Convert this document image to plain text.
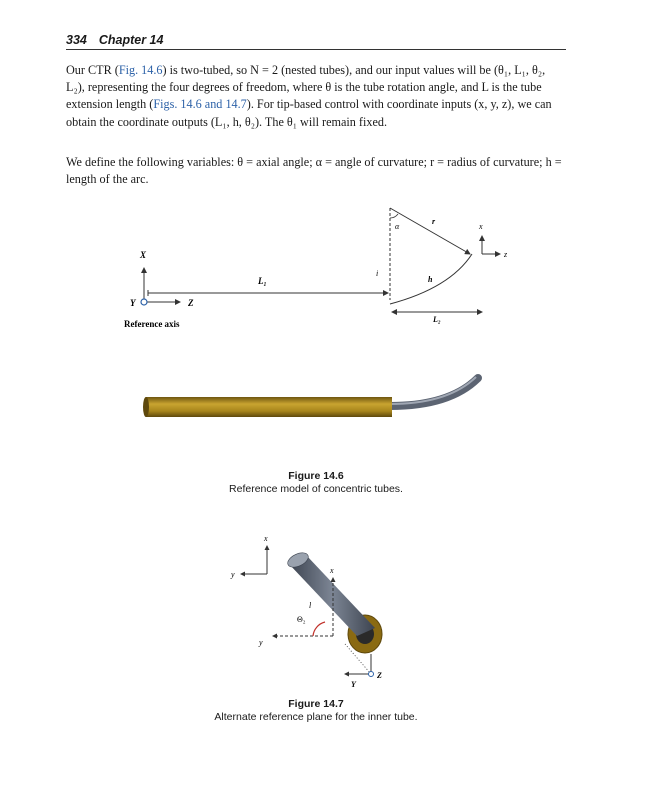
334 Chapter 14
Our CTR (Fig. 14.6) is two-tubed, so N = 2 (nested tubes), and our input values will be (θ₁, L₁, θ₂, L₂), representing the four degrees of freedom, where θ is the tube rotation angle, and L is the tube extension length (Figs. 14.6 and 14.7). For tip-based control with coordinate inputs (x, y, z), we can obtain the coordinate outputs (L₁, h, θ₂). The θ₁ will remain fixed.
We define the following variables: θ = axial angle; α = angle of curvature; r = radius of curvature; h = length of the arc.
X
Y	Z
Reference axis
L₁
i
α
r
h
L₂
x
z
Figure 14.6
Reference model of concentric tubes.
x
y
y
x
l
Θ₂
Y
Z
Figure 14.7
Alternate reference plane for the inner tube.
